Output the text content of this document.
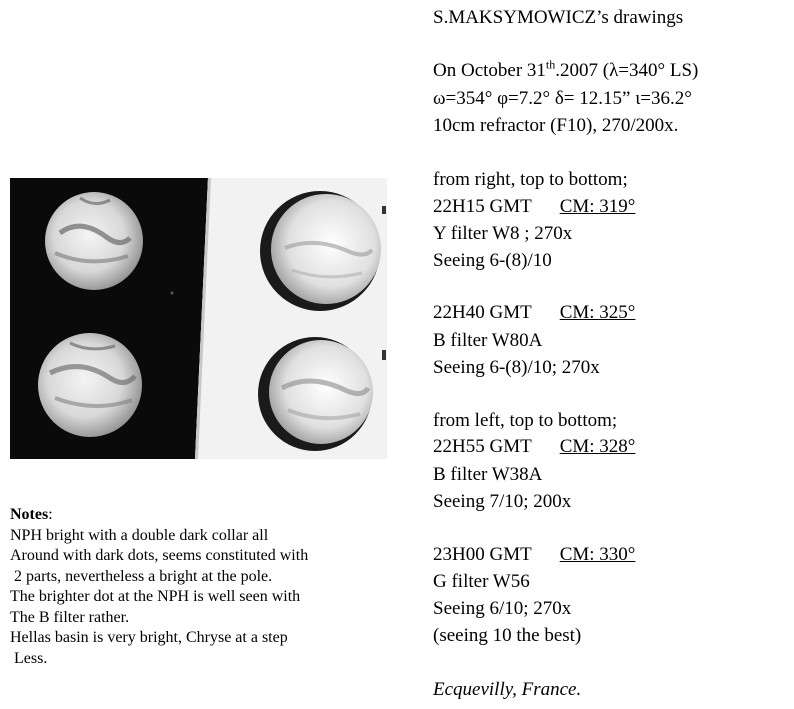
S.MAKSYMOWICZ’s drawings
On October 31th.2007 (λ=340° LS)
ω=354° φ=7.2° δ= 12.15” ι=36.2°
10cm refractor (F10), 270/200x.
from right, top to bottom;
22H15 GMT CM: 319°
Y filter W8 ; 270x
Seeing 6-(8)/10
22H40 GMT CM: 325°
B filter W80A
Seeing 6-(8)/10; 270x
from left, top to bottom;
22H55 GMT CM: 328°
B filter W38A
Seeing 7/10; 200x
23H00 GMT CM: 330°
G filter W56
Seeing 6/10; 270x
(seeing 10 the best)
Ecquevilly, France.
Notes:
NPH bright with a double dark collar all
Around with dark dots, seems constituted with
2 parts, nevertheless a bright at the pole.
The brighter dot at the NPH is well seen with
The B filter rather.
Hellas basin is very bright, Chryse at a step
Less.
